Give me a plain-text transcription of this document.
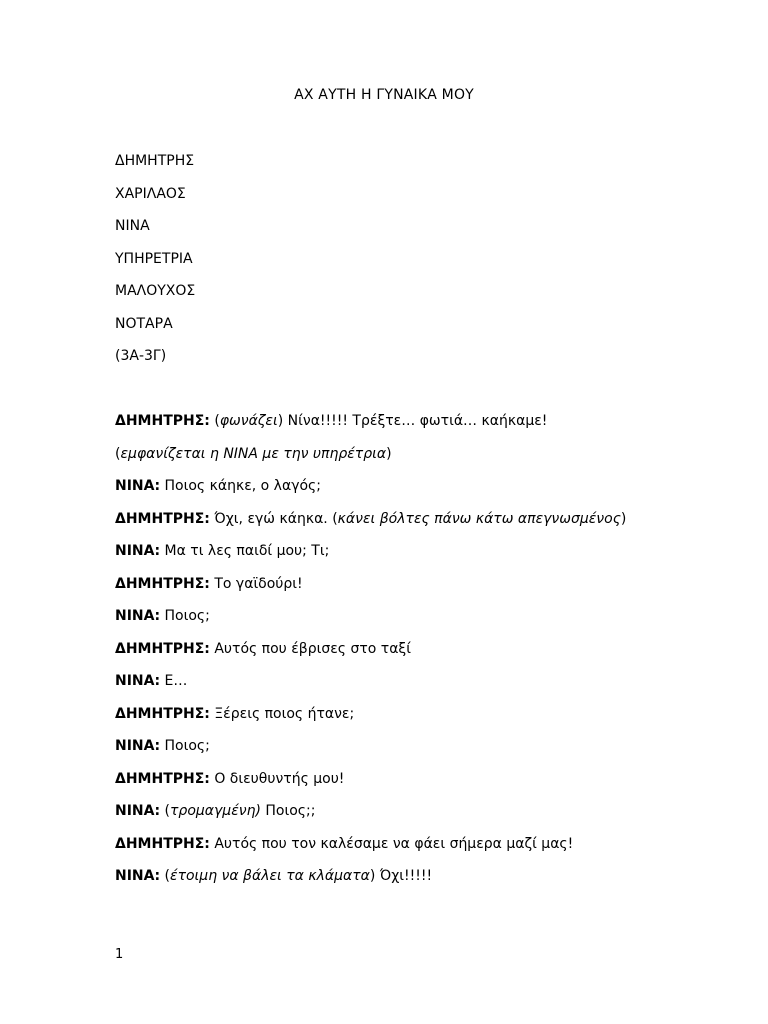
ΑΧ ΑΥΤΗ Η ΓΥΝΑΙΚΑ ΜΟΥ
ΔΗΜΗΤΡΗΣ
ΧΑΡΙΛΑΟΣ
ΝΙΝΑ
ΥΠΗΡΕΤΡΙΑ
ΜΑΛΟΥΧΟΣ
ΝΟΤΑΡΑ
(3Α-3Γ)

ΔΗΜΗΤΡΗΣ: (φωνάζει) Νίνα!!!!! Τρέξτε… φωτιά… καήκαμε!

(εμφανίζεται η ΝΙΝΑ με την υπηρέτρια)

ΝΙΝΑ: Ποιος κάηκε, ο λαγός;

ΔΗΜΗΤΡΗΣ: Όχι, εγώ κάηκα. (κάνει βόλτες πάνω κάτω απεγνωσμένος)

ΝΙΝΑ: Μα τι λες παιδί μου; Τι;

ΔΗΜΗΤΡΗΣ: Το γαϊδούρι!

ΝΙΝΑ: Ποιος;

ΔΗΜΗΤΡΗΣ: Αυτός που έβρισες στο ταξί

ΝΙΝΑ: Ε…

ΔΗΜΗΤΡΗΣ: Ξέρεις ποιος ήτανε;

ΝΙΝΑ: Ποιος;

ΔΗΜΗΤΡΗΣ: Ο διευθυντής μου!

ΝΙΝΑ: (τρομαγμένη) Ποιος;;

ΔΗΜΗΤΡΗΣ: Αυτός που τον καλέσαμε να φάει σήμερα μαζί μας!

ΝΙΝΑ: (έτοιμη να βάλει τα κλάματα) Όχι!!!!!

1
